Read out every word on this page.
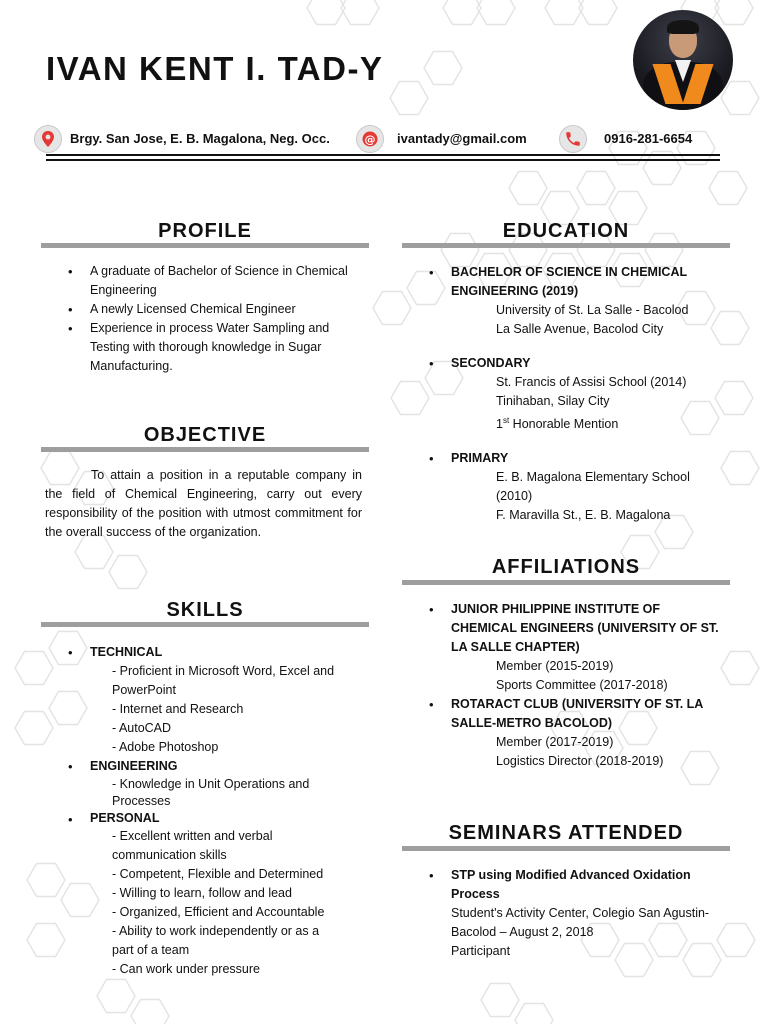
IVAN KENT I. TAD-Y
Brgy. San Jose, E. B. Magalona, Neg. Occ.	@ ivantady@gmail.com	0916-281-6654
PROFILE
• A graduate of Bachelor of Science in Chemical Engineering
• A newly Licensed Chemical Engineer
• Experience in process Water Sampling and Testing with thorough knowledge in Sugar Manufacturing.
OBJECTIVE
To attain a position in a reputable company in the field of Chemical Engineering, carry out every responsibility of the position with utmost commitment for the overall success of the organization.
SKILLS
• TECHNICAL
- Proficient in Microsoft Word, Excel and PowerPoint
- Internet and Research
- AutoCAD
- Adobe Photoshop
• ENGINEERING
- Knowledge in Unit Operations and Processes
• PERSONAL
- Excellent written and verbal communication skills
- Competent, Flexible and Determined
- Willing to learn, follow and lead
- Organized, Efficient and Accountable
- Ability to work independently or as a part of a team
- Can work under pressure
EDUCATION
• BACHELOR OF SCIENCE IN CHEMICAL ENGINEERING (2019)
University of St. La Salle - Bacolod
La Salle Avenue, Bacolod City
• SECONDARY
St. Francis of Assisi School (2014)
Tinihaban, Silay City
1st Honorable Mention
• PRIMARY
E. B. Magalona Elementary School (2010)
F. Maravilla St., E. B. Magalona
AFFILIATIONS
• JUNIOR PHILIPPINE INSTITUTE OF CHEMICAL ENGINEERS (UNIVERSITY OF ST. LA SALLE CHAPTER)
Member (2015-2019)
Sports Committee (2017-2018)
• ROTARACT CLUB (UNIVERSITY OF ST. LA SALLE-METRO BACOLOD)
Member (2017-2019)
Logistics Director (2018-2019)
SEMINARS ATTENDED
• STP using Modified Advanced Oxidation Process
Student's Activity Center, Colegio San Agustin-Bacolod – August 2, 2018
Participant
